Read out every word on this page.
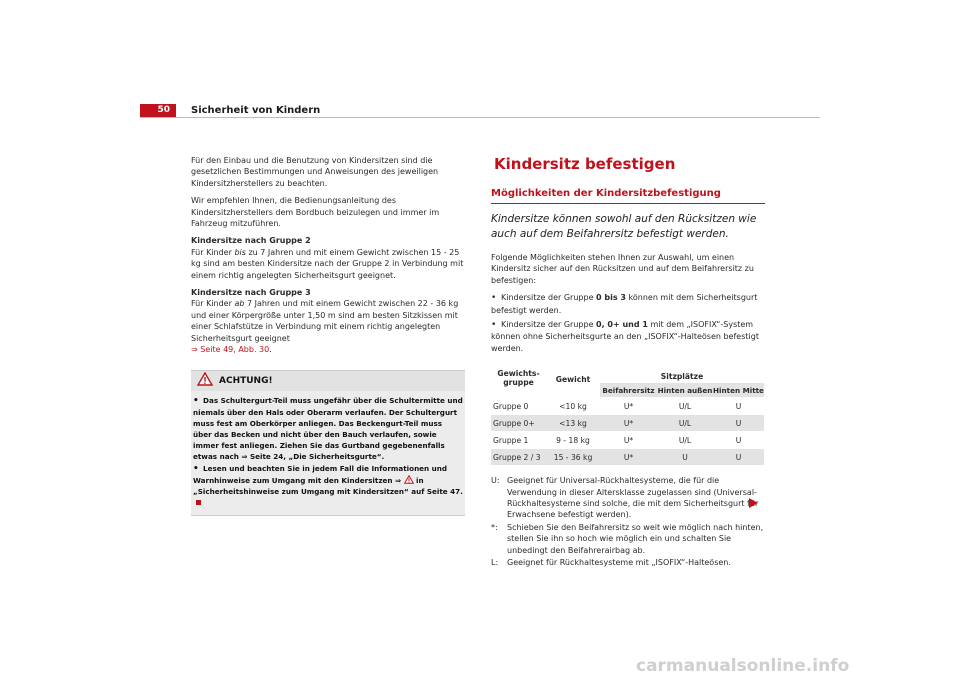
50	Sicherheit von Kindern

Für den Einbau und die Benutzung von Kindersitzen sind die gesetzlichen Bestimmungen und Anweisungen des jeweiligen Kindersitzherstellers zu beachten.

Wir empfehlen Ihnen, die Bedienungsanleitung des Kindersitzherstellers dem Bordbuch beizulegen und immer im Fahrzeug mitzuführen.

Kindersitze nach Gruppe 2

Für Kinder bis zu 7 Jahren und mit einem Gewicht zwischen 15 - 25 kg sind am besten Kindersitze nach der Gruppe 2 in Verbindung mit einem richtig angelegten Sicherheitsgurt geeignet.

Kindersitze nach Gruppe 3

Für Kinder ab 7 Jahren und mit einem Gewicht zwischen 22 - 36 kg und einer Körpergröße unter 1,50 m sind am besten Sitzkissen mit einer Schlafstütze in Verbindung mit einem richtig angelegten Sicherheitsgurt geeignet
⇒ Seite 49, Abb. 30.

ACHTUNG!
• Das Schultergurt-Teil muss ungefähr über die Schultermitte und niemals über den Hals oder Oberarm verlaufen. Der Schultergurt muss fest am Oberkörper anliegen. Das Beckengurt-Teil muss über das Becken und nicht über den Bauch verlaufen, sowie immer fest anliegen. Ziehen Sie das Gurtband gegebenenfalls etwas nach ⇒ Seite 24, „Die Sicherheitsgurte“.
• Lesen und beachten Sie in jedem Fall die Informationen und Warnhinweise zum Umgang mit den Kindersitzen ⇒  in „Sicherheitshinweise zum Umgang mit Kindersitzen“ auf Seite 47.
Kindersitz befestigen
Möglichkeiten der Kindersitzbefestigung
Kindersitze können sowohl auf den Rücksitzen wie auch auf dem Beifahrersitz befestigt werden.

Folgende Möglichkeiten stehen Ihnen zur Auswahl, um einen Kindersitz sicher auf den Rücksitzen und auf dem Beifahrersitz zu befestigen:

• Kindersitze der Gruppe 0 bis 3 können mit dem Sicherheitsgurt befestigt werden.
• Kindersitze der Gruppe 0, 0+ und 1 mit dem „ISOFIX“-System können ohne Sicherheitsgurte an den „ISOFIX“-Halteösen befestigt werden.
Gewichts-
gruppe	Gewicht	Sitzplätze		
		Beifahrersitz	Hinten außen	Hinten Mitte
Gruppe 0	<10 kg	U*	U/L	U
Gruppe 0+	<13 kg	U*	U/L	U
Gruppe 1	9 - 18 kg	U*	U/L	U
Gruppe 2 / 3	15 - 36 kg	U*	U	U
U: Geeignet für Universal-Rückhaltesysteme, die für die Verwendung in dieser Altersklasse zugelassen sind (Universal-Rückhaltesysteme sind solche, die mit dem Sicherheitsgurt für Erwachsene befestigt werden).
*:	Schieben Sie den Beifahrersitz so weit wie möglich nach hinten, stellen Sie ihn so hoch wie möglich ein und schalten Sie unbedingt den Beifahrerairbag ab.
L:	Geeignet für Rückhaltesysteme mit „ISOFIX“-Halteösen.
carmanualsonline.info
